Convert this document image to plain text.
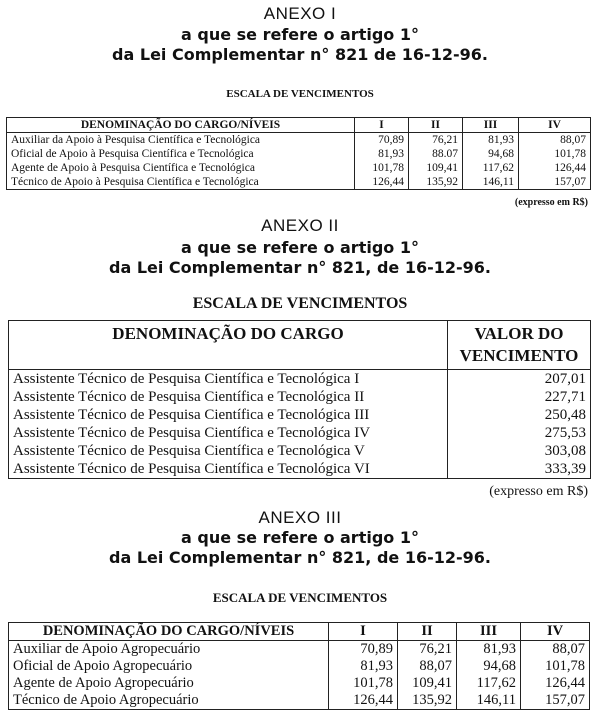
ANEXO I
a que se refere o artigo 1°
da Lei Complementar n° 821 de 16-12-96.
ESCALA DE VENCIMENTOS
DENOMINAÇÃO DO CARGO/NÍVEIS	I	II	III	IV
Auxiliar da Apoio à Pesquisa Científica e Tecnológica	70,89	76,21	81,93	88,07
Oficial de Apoio à Pesquisa Científica e Tecnológica	81,93	88.07	94,68	101,78
Agente de Apoio à Pesquisa Científica e Tecnológica	101,78	109,41	117,62	126,44
Técnico de Apoio à Pesquisa Científica e Tecnológica	126,44	135,92	146,11	157,07
(expresso em R$)
ANEXO II
a que se refere o artigo 1°
da Lei Complementar n° 821, de 16-12-96.
ESCALA DE VENCIMENTOS
DENOMINAÇÃO DO CARGO	VALOR DO VENCIMENTO
Assistente Técnico de Pesquisa Científica e Tecnológica I	207,01
Assistente Técnico de Pesquisa Científica e Tecnológica II	227,71
Assistente Técnico de Pesquisa Científica e Tecnológica III	250,48
Assistente Técnico de Pesquisa Científica e Tecnológica IV	275,53
Assistente Técnico de Pesquisa Científica e Tecnológica V	303,08
Assistente Técnico de Pesquisa Científica e Tecnológica VI	333,39
(expresso em R$)
ANEXO III
a que se refere o artigo 1°
da Lei Complementar n° 821, de 16-12-96.
ESCALA DE VENCIMENTOS
DENOMINAÇÃO DO CARGO/NÍVEIS	I	II	III	IV
Auxiliar de Apoio Agropecuário	70,89	76,21	81,93	88,07
Oficial de Apoio Agropecuário	81,93	88,07	94,68	101,78
Agente de Apoio Agropecuário	101,78	109,41	117,62	126,44
Técnico de Apoio Agropecuário	126,44	135,92	146,11	157,07
